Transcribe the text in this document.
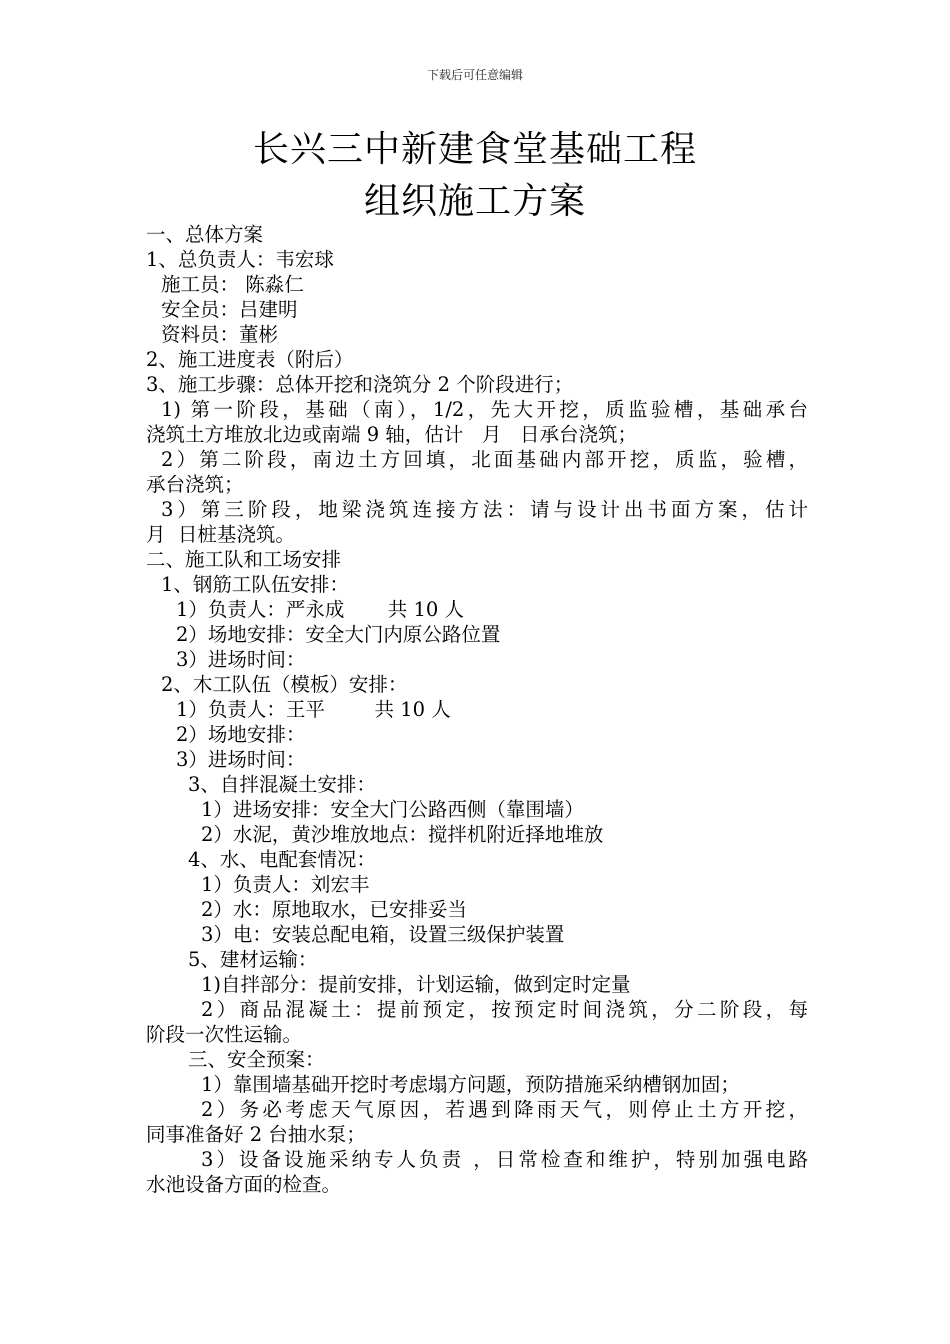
下载后可任意编辑
长兴三中新建食堂基础工程
组织施工方案
一、总体方案
1、总负责人：韦宏球
施工员： 陈淼仁
安全员：吕建明
资料员：董彬
2、施工进度表（附后）
3、施工步骤：总体开挖和浇筑分 2 个阶段进行；
1) 第一阶段，基础（南），1/2，先大开挖，质监验槽，基础承台
浇筑土方堆放北边或南端 9 轴，估计   月   日承台浇筑；
2）第二阶段，南边土方回填，北面基础内部开挖，质监，验槽，
承台浇筑；
3）第三阶段，地梁浇筑连接方法：请与设计出书面方案，估计
月  日桩基浇筑。
二、施工队和工场安排
1、钢筋工队伍安排：
1）负责人：严永成       共 10 人
2）场地安排：安全大门内原公路位置
3）进场时间：
2、木工队伍（模板）安排：
1）负责人：王平        共 10 人
2）场地安排：
3）进场时间：
3、自拌混凝土安排：
1）进场安排：安全大门公路西侧（靠围墙）
2）水泥，黄沙堆放地点：搅拌机附近择地堆放
4、水、电配套情况：
1）负责人：刘宏丰
2）水：原地取水，已安排妥当
3）电：安装总配电箱，设置三级保护装置
5、建材运输：
1)自拌部分：提前安排，计划运输，做到定时定量
2）商品混凝土：提前预定，按预定时间浇筑，分二阶段，每
阶段一次性运输。
三、安全预案：
1）靠围墙基础开挖时考虑塌方问题，预防措施采纳槽钢加固；
2）务必考虑天气原因，若遇到降雨天气，则停止土方开挖，
同事准备好 2 台抽水泵；
3）设备设施采纳专人负责 ，日常检查和维护，特别加强电路
水池设备方面的检查。
